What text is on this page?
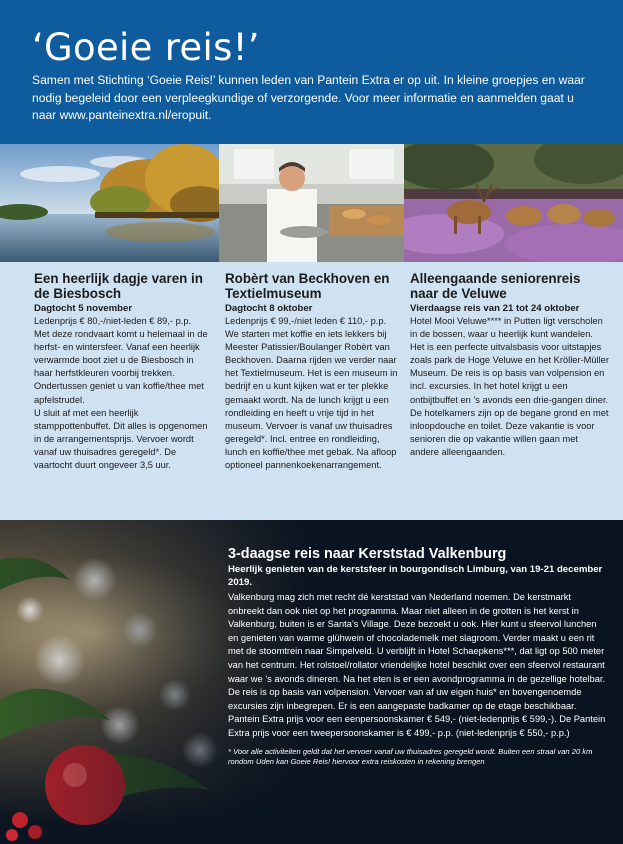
‘Goeie reis!’

Samen met Stichting ‘Goeie Reis!’ kunnen leden van Pantein Extra er op uit. In kleine groepjes en waar nodig begeleid door een verpleegkundige of verzorgende. Voor meer informatie en aanmelden gaat u naar www.panteinextra.nl/eropuit.

Een heerlijk dagje varen in de Biesbosch
Dagtocht 5 november

Ledenprijs € 80,-/niet-leden € 89,- p.p.

Met deze rondvaart komt u helemaal in de herfst- en wintersfeer. Vanaf een heerlijk verwarmde boot ziet u de Biesbosch in haar herfstkleuren voorbij trekken. Ondertussen geniet u van koffie/thee met apfelstrudel.

U sluit af met een heerlijk stamppottenbuffet. Dit alles is opgenomen in de arrangementsprijs. Vervoer wordt vanaf uw thuisadres geregeld*. De vaartocht duurt ongeveer 3,5 uur.

Robèrt van Beckhoven en Textielmuseum
Dagtocht 8 oktober

Ledenprijs € 99,-/niet leden € 110,- p.p.

We starten met koffie en iets lekkers bij Meester Patissier/Boulanger Robèrt van Beckhoven. Daarna rijden we verder naar het Textielmuseum. Het is een museum in bedrijf en u kunt kijken wat er ter plekke gemaakt wordt. Na de lunch krijgt u een rondleiding en heeft u vrije tijd in het museum. Vervoer is vanaf uw thuisadres geregeld*. Incl. entree en rondleiding, lunch en koffie/thee met gebak. Na afloop optioneel pannenkoekenarrangement.

Alleengaande seniorenreis naar de Veluwe
Vierdaagse reis van 21 tot 24 oktober

Hotel Mooi Veluwe**** in Putten ligt verscholen in de bossen, waar u heerlijk kunt wandelen. Het is een perfecte uitvalsbasis voor uitstapjes zoals park de Hoge Veluwe en het Kröller-Müller Museum. De reis is op basis van volpension en incl. excursies. In het hotel krijgt u een ontbijtbuffet en ’s avonds een drie-gangen diner. De hotelkamers zijn op de begane grond en met inloopdouche en toilet. Deze vakantie is voor senioren die op vakantie willen gaan met andere alleengaanden.

3-daagse reis naar Kerststad Valkenburg
Heerlijk genieten van de kerstsfeer in bourgondisch Limburg, van 19-21 december 2019.

Valkenburg mag zich met recht dé kerststad van Nederland noemen. De kerstmarkt onbreekt dan ook niet op het programma. Maar niet alleen in de grotten is het kerst in Valkenburg, buiten is er Santa’s Village. Deze bezoekt u ook. Hier kunt u sfeervol lunchen en genieten van warme glühwein of chocolademelk met slagroom. Verder maakt u een rit met de stoomtrein naar Simpelveld. U verblijft in Hotel Schaepkens***, dat ligt op 500 meter van het centrum. Het rolstoel/rollator vriendelijke hotel beschikt over een sfeervol restaurant waar we ’s avonds dineren. Na het eten is er een avondprogramma in de gezellige hotelbar. De reis is op basis van volpension. Vervoer van af uw eigen huis* en bovengenoemde excursies zijn inbegrepen. Er is een aangepaste badkamer op de etage beschikbaar. Pantein Extra prijs voor een eenpersoonskamer € 549,- (niet-ledenprijs € 599,-). De Pantein Extra prijs voor een tweepersoonskamer is € 499,- p.p. (niet-ledenprijs € 550,- p.p.)

* Voor alle activiteiten geldt dat het vervoer vanaf uw thuisadres geregeld wordt. Buiten een straal van 20 km rondom Uden kan Goeie Reis! hiervoor extra reiskosten in rekening brengen
